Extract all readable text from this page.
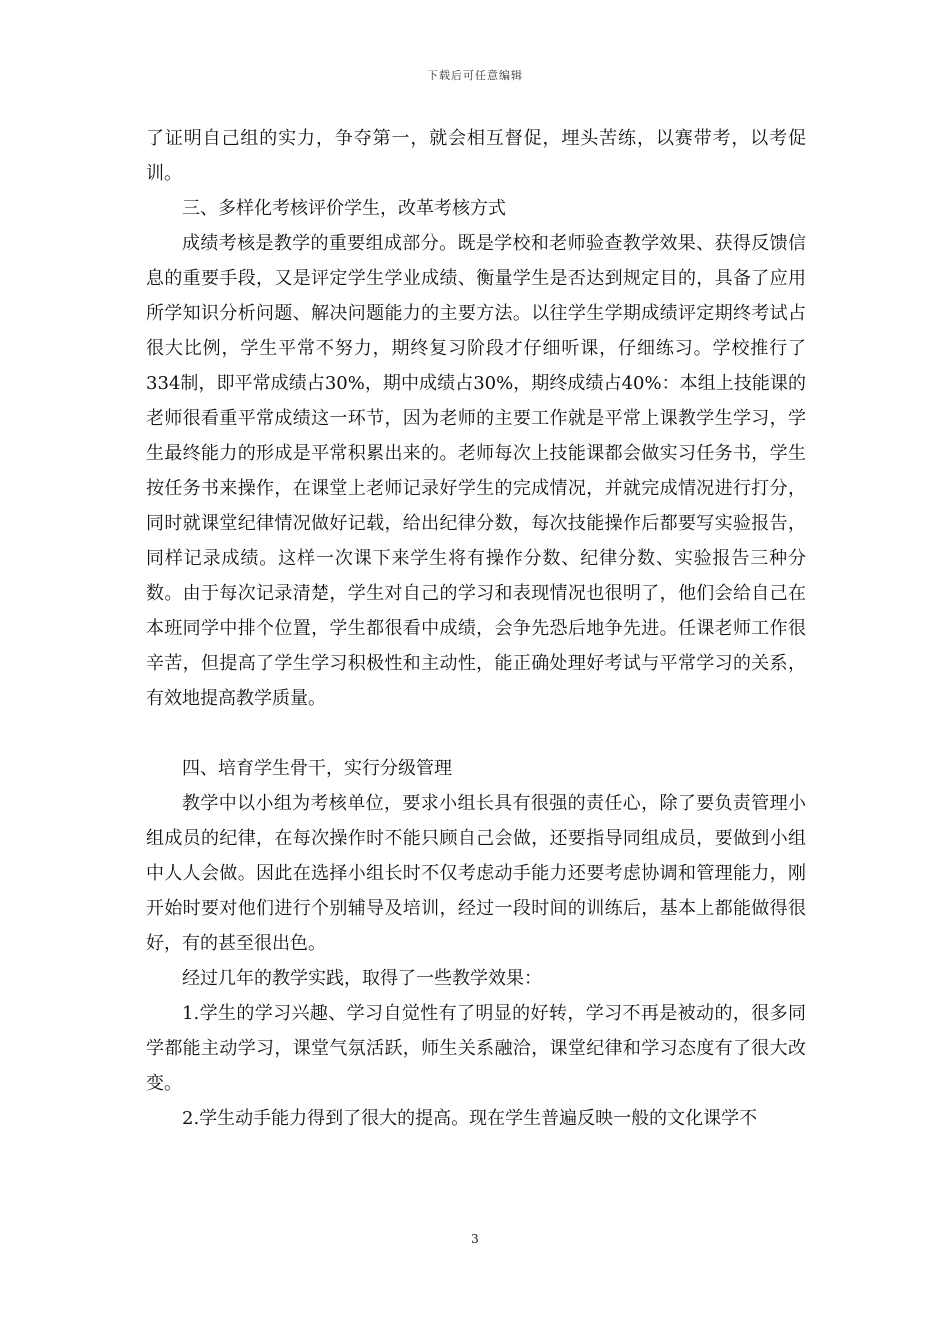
下载后可任意编辑

了证明自己组的实力，争夺第一，就会相互督促，埋头苦练，以赛带考，以考促训。

三、多样化考核评价学生，改革考核方式

成绩考核是教学的重要组成部分。既是学校和老师验查教学效果、获得反馈信息的重要手段，又是评定学生学业成绩、衡量学生是否达到规定目的，具备了应用所学知识分析问题、解决问题能力的主要方法。以往学生学期成绩评定期终考试占很大比例，学生平常不努力，期终复习阶段才仔细听课，仔细练习。学校推行了334制，即平常成绩占30%，期中成绩占30%，期终成绩占40%：本组上技能课的老师很看重平常成绩这一环节，因为老师的主要工作就是平常上课教学生学习，学生最终能力的形成是平常积累出来的。老师每次上技能课都会做实习任务书，学生按任务书来操作，在课堂上老师记录好学生的完成情况，并就完成情况进行打分，同时就课堂纪律情况做好记载，给出纪律分数，每次技能操作后都要写实验报告，同样记录成绩。这样一次课下来学生将有操作分数、纪律分数、实验报告三种分数。由于每次记录清楚，学生对自己的学习和表现情况也很明了，他们会给自己在本班同学中排个位置，学生都很看中成绩，会争先恐后地争先进。任课老师工作很辛苦，但提高了学生学习积极性和主动性，能正确处理好考试与平常学习的关系，有效地提高教学质量。

四、培育学生骨干，实行分级管理

教学中以小组为考核单位，要求小组长具有很强的责任心，除了要负责管理小组成员的纪律，在每次操作时不能只顾自己会做，还要指导同组成员，要做到小组中人人会做。因此在选择小组长时不仅考虑动手能力还要考虑协调和管理能力，刚开始时要对他们进行个别辅导及培训，经过一段时间的训练后，基本上都能做得很好，有的甚至很出色。

经过几年的教学实践，取得了一些教学效果：

1.学生的学习兴趣、学习自觉性有了明显的好转，学习不再是被动的，很多同学都能主动学习，课堂气氛活跃，师生关系融洽，课堂纪律和学习态度有了很大改变。

2.学生动手能力得到了很大的提高。现在学生普遍反映一般的文化课学不

3
